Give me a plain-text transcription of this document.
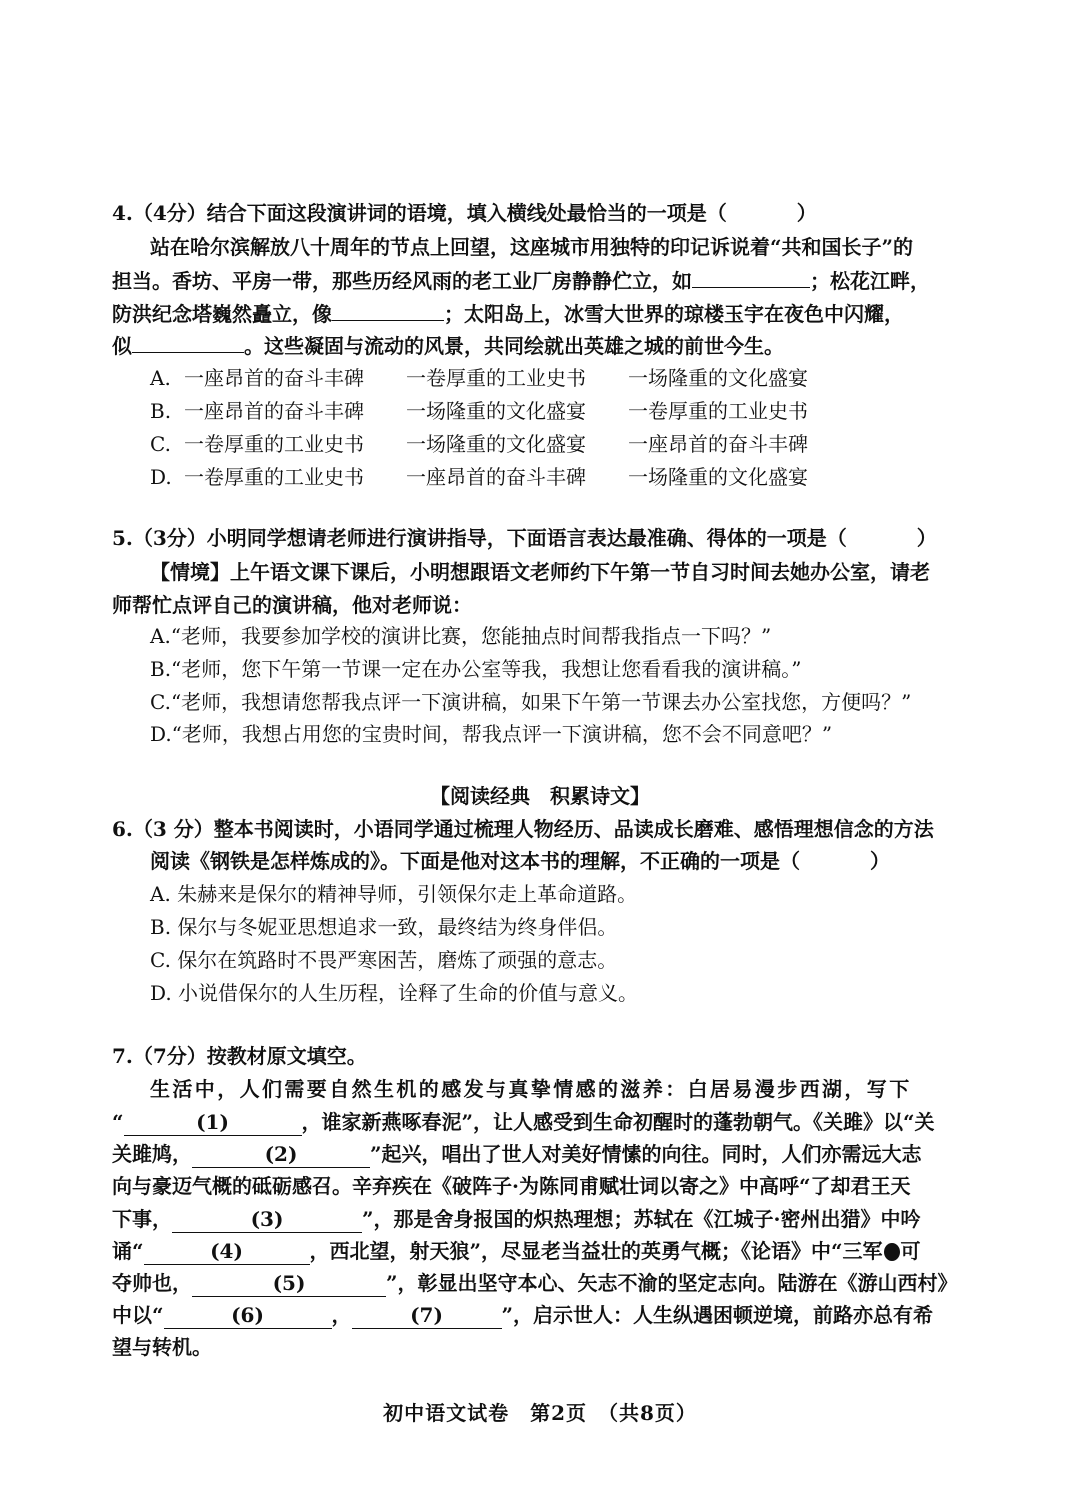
4.（4分）结合下面这段演讲词的语境，填入横线处最恰当的一项是（	）
站在哈尔滨解放八十周年的节点上回望，这座城市用独特的印记诉说着“共和国长子”的
担当。香坊、平房一带，那些历经风雨的老工业厂房静静伫立，如	；松花江畔，
防洪纪念塔巍然矗立，像	；太阳岛上，冰雪大世界的琼楼玉宇在夜色中闪耀，
似	。这些凝固与流动的风景，共同绘就出英雄之城的前世今生。
A. 一座昂首的奋斗丰碑 一卷厚重的工业史书 一场隆重的文化盛宴
B. 一座昂首的奋斗丰碑 一场隆重的文化盛宴 一卷厚重的工业史书
C. 一卷厚重的工业史书 一场隆重的文化盛宴 一座昂首的奋斗丰碑
D. 一卷厚重的工业史书 一座昂首的奋斗丰碑 一场隆重的文化盛宴
5.（3分）小明同学想请老师进行演讲指导，下面语言表达最准确、得体的一项是（	）
【情境】上午语文课下课后，小明想跟语文老师约下午第一节自习时间去她办公室，请老
师帮忙点评自己的演讲稿，他对老师说：
A.“老师，我要参加学校的演讲比赛，您能抽点时间帮我指点一下吗？”
B.“老师，您下午第一节课一定在办公室等我，我想让您看看我的演讲稿。”
C.“老师，我想请您帮我点评一下演讲稿，如果下午第一节课去办公室找您，方便吗？”
D.“老师，我想占用您的宝贵时间，帮我点评一下演讲稿，您不会不同意吧？”
【阅读经典　积累诗文】
6.（3 分）整本书阅读时，小语同学通过梳理人物经历、品读成长磨难、感悟理想信念的方法
阅读《钢铁是怎样炼成的》。下面是他对这本书的理解，不正确的一项是（	）
A. 朱赫来是保尔的精神导师，引领保尔走上革命道路。
B. 保尔与冬妮亚思想追求一致，最终结为终身伴侣。
C. 保尔在筑路时不畏严寒困苦，磨炼了顽强的意志。
D. 小说借保尔的人生历程，诠释了生命的价值与意义。
7.（7分）按教材原文填空。
生活中，人们需要自然生机的感发与真挚情感的滋养：白居易漫步西湖，写下
“	(1)	，谁家新燕啄春泥”，让人感受到生命初醒时的蓬勃朝气。《关雎》以“关
关雎鸠，	(2)	”起兴，唱出了世人对美好情愫的向往。同时，人们亦需远大志
向与豪迈气概的砥砺感召。辛弃疾在《破阵子·为陈同甫赋壮词以寄之》中高呼“了却君王天
下事，	(3)	”，那是舍身报国的炽热理想；苏轼在《江城子·密州出猎》中吟
诵“	(4)	，西北望，射天狼”，尽显老当益壮的英勇气概；《论语》中“三军 可
夺帅也，	(5)	”，彰显出坚守本心、矢志不渝的坚定志向。陆游在《游山西村》
中以“	(6)	，	(7)	”，启示世人：人生纵遇困顿逆境，前路亦总有希
望与转机。
初中语文试卷　第2页　（共8页）
